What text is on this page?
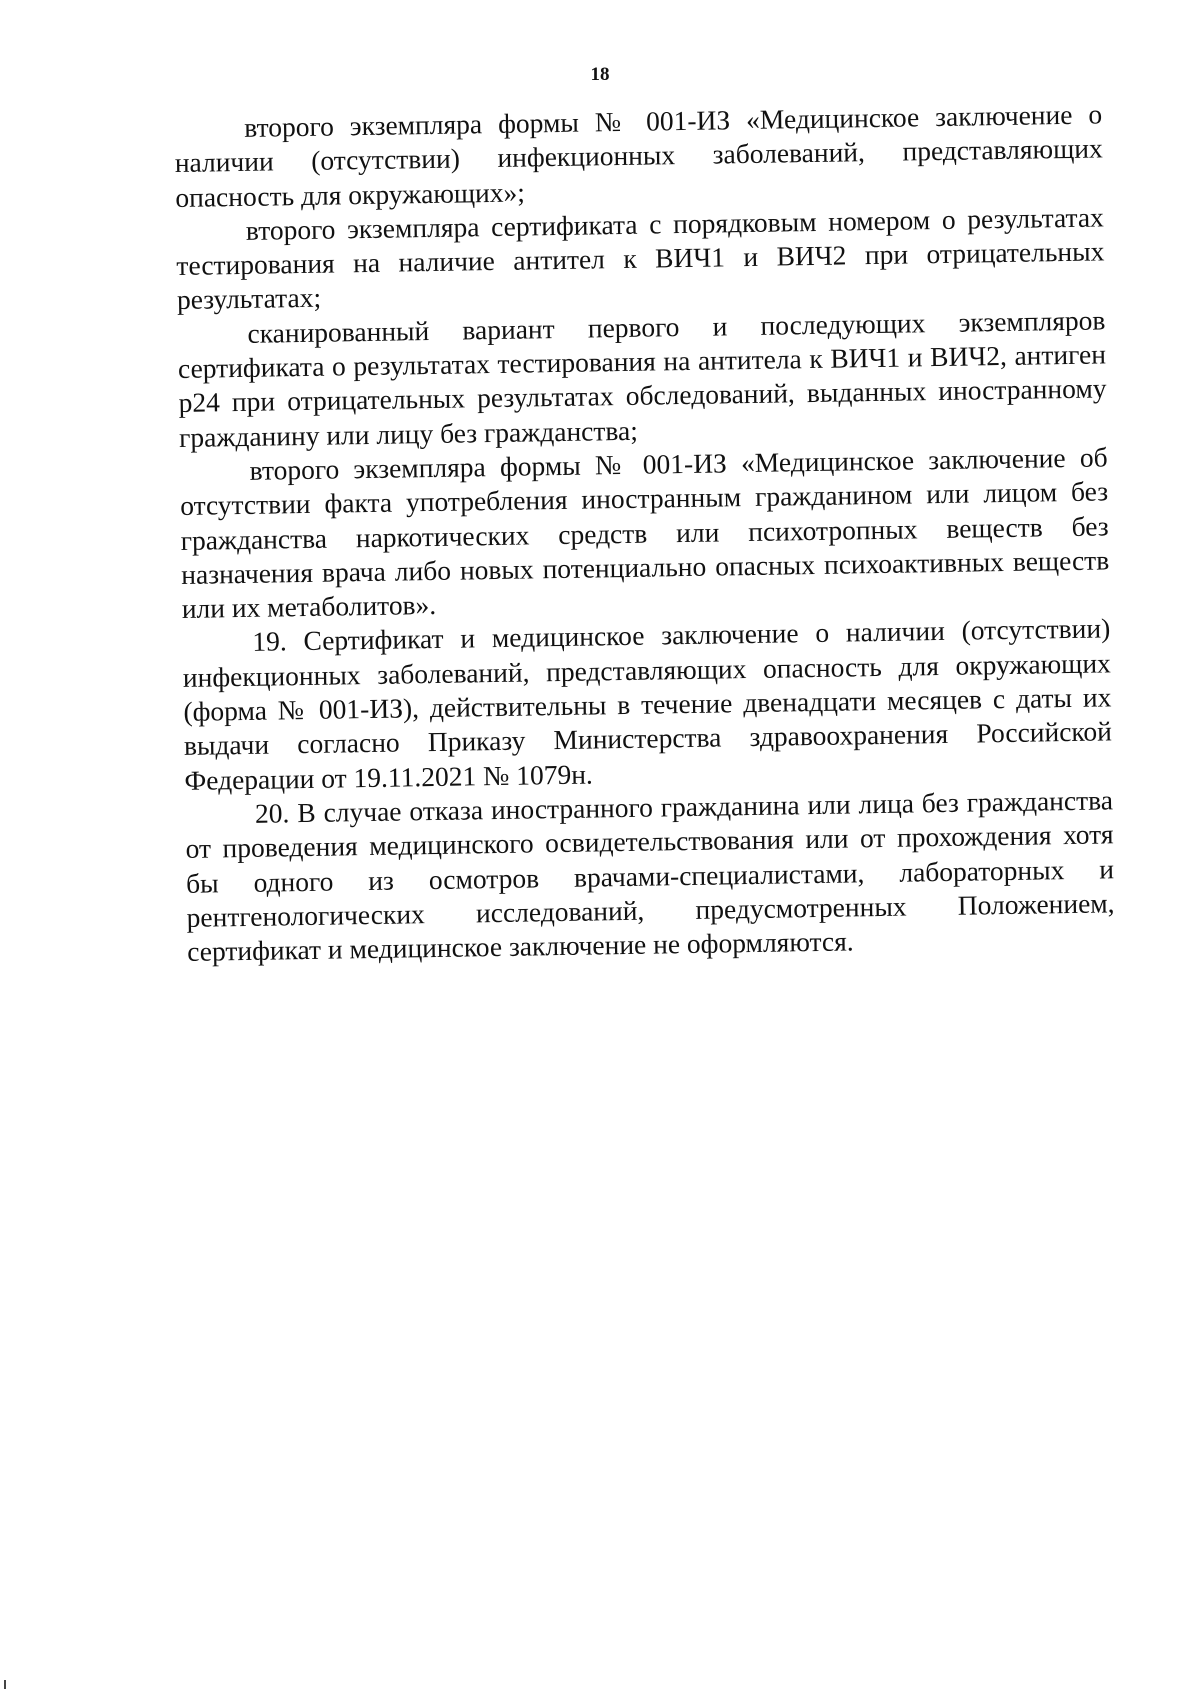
18

второго экземпляра формы № 001-ИЗ «Медицинское заключение о наличии (отсутствии) инфекционных заболеваний, представляющих опасность для окружающих»;

второго экземпляра сертификата с порядковым номером о результатах тестирования на наличие антител к ВИЧ1 и ВИЧ2 при отрицательных результатах;

сканированный вариант первого и последующих экземпляров сертификата о результатах тестирования на антитела к ВИЧ1 и ВИЧ2, антиген р24 при отрицательных результатах обследований, выданных иностранному гражданину или лицу без гражданства;

второго экземпляра формы № 001-ИЗ «Медицинское заключение об отсутствии факта употребления иностранным гражданином или лицом без гражданства наркотических средств или психотропных веществ без назначения врача либо новых потенциально опасных психоактивных веществ или их метаболитов».

19. Сертификат и медицинское заключение о наличии (отсутствии) инфекционных заболеваний, представляющих опасность для окружающих (форма № 001-ИЗ), действительны в течение двенадцати месяцев с даты их выдачи согласно Приказу Министерства здравоохранения Российской Федерации от 19.11.2021 № 1079н.

20. В случае отказа иностранного гражданина или лица без гражданства от проведения медицинского освидетельствования или от прохождения хотя бы одного из осмотров врачами-специалистами, лабораторных и рентгенологических исследований, предусмотренных Положением, сертификат и медицинское заключение не оформляются.
